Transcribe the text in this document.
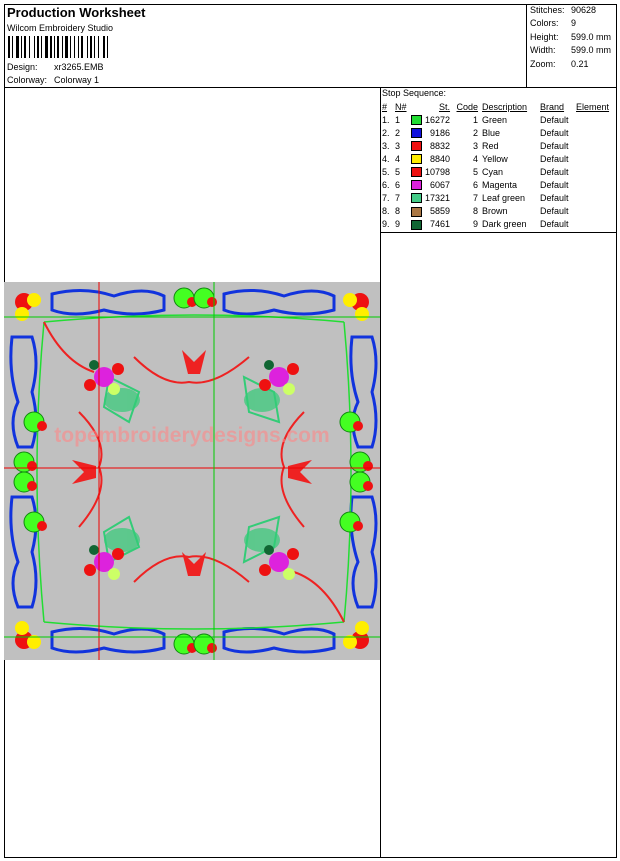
Production Worksheet
Wilcom Embroidery Studio
Design: xr3265.EMB
Colorway: Colorway 1
Stitches: 90628
Colors: 9
Height: 599.0 mm
Width: 599.0 mm
Zoom: 0.21
Stop Sequence:
#	N#		St.	Code	Description	Brand	Element
1.	1		16272	1	Green	Default	
2.	2		9186	2	Blue	Default	
3.	3		8832	3	Red	Default	
4.	4		8840	4	Yellow	Default	
5.	5		10798	5	Cyan	Default	
6.	6		6067	6	Magenta	Default	
7.	7		17321	7	Leaf green	Default	
8.	8		5859	8	Brown	Default	
9.	9		7461	9	Dark green	Default	
topembroiderydesigns.com
